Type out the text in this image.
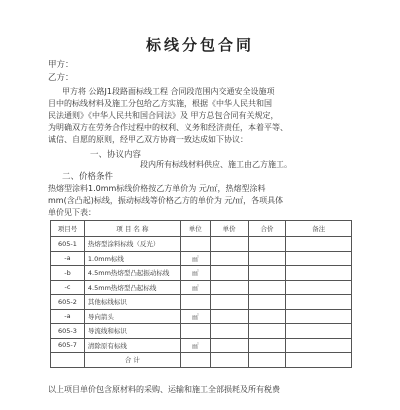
标线分包合同
甲方：
乙方：
甲方将 公路J1段路面标线工程 合同段范围内交通安全设施项
目中的标线材料及施工分包给乙方实施，根据《中华人民共和国
民法通则》《中华人民共和国合同法》及 甲方总包合同有关规定，
为明确双方在劳务合作过程中的权利、义务和经济责任，本着平等、
诚信、自愿的原则，经甲乙双方协商一致达成如下协议：
一、协议内容
段内所有标线材料供应、施工由乙方施工。
二、价格条件
热熔型涂料1.0mm标线价格按乙方单价为 元/㎡，热熔型涂料
mm(含凸起)标线，振动标线等价格乙方的单价为 元/㎡，各项具体
单价见下表：
项目号	项 目 名 称	单位	单价	合价	备注
605-1	热熔型涂料标线（反光）				
-a	1.0mm标线	㎡			
-b	4.5mm热熔型凸起振动标线	㎡			
-c	4.5mm热熔型凸起标线	㎡			
605-2	其他标线标识				
-a	导向箭头	㎡			
605-3	导流线和标识				
605-7	清除原有标线	㎡			
	合 计				
以上项目单价包含原材料的采购、运输和施工全部损耗及所有税费
